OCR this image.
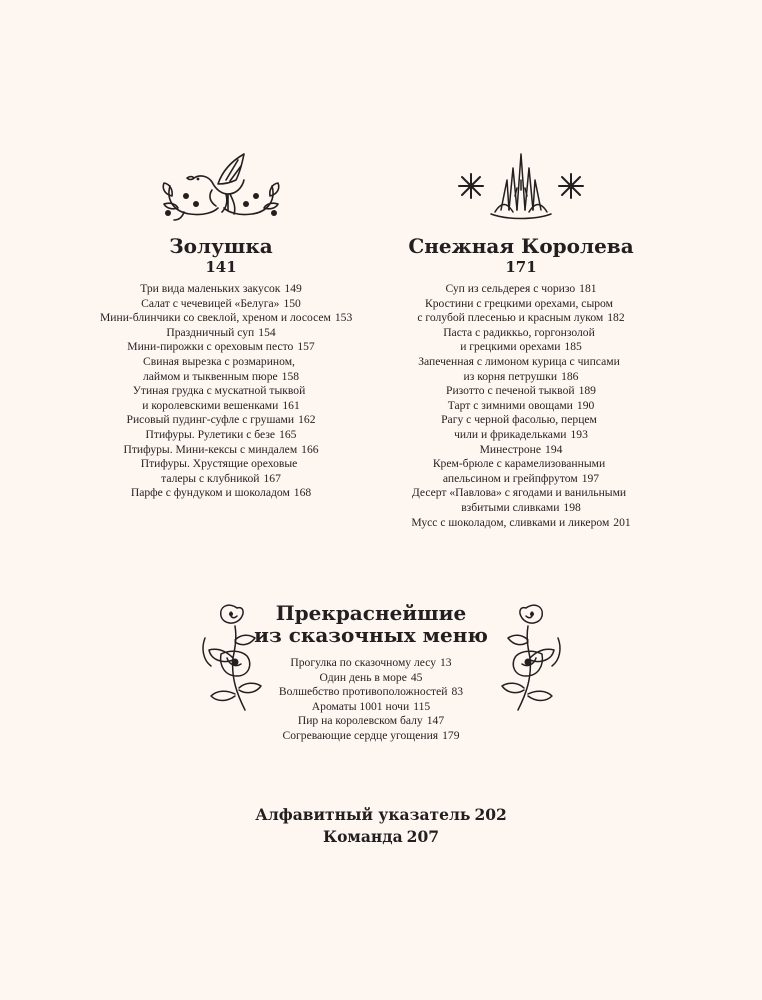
Золушка
141
Три вида маленьких закусок 149
Салат с чечевицей «Белуга» 150
Мини-блинчики со свеклой, хреном и лососем 153
Праздничный суп 154
Мини-пирожки с ореховым песто 157
Свиная вырезка с розмарином,
лаймом и тыквенным пюре 158
Утиная грудка с мускатной тыквой
и королевскими вешенками 161
Рисовый пудинг-суфле с грушами 162
Птифуры. Рулетики с безе 165
Птифуры. Мини-кексы с миндалем 166
Птифуры. Хрустящие ореховые
талеры с клубникой 167
Парфе с фундуком и шоколадом 168
Снежная Королева
171
Суп из сельдерея с чоризо 181
Кростини с грецкими орехами, сыром
с голубой плесенью и красным луком 182
Паста с радиккьо, горгонзолой
и грецкими орехами 185
Запеченная с лимоном курица с чипсами
из корня петрушки 186
Ризотто с печеной тыквой 189
Тарт с зимними овощами 190
Рагу с черной фасолью, перцем
чили и фрикадельками 193
Минестроне 194
Крем-брюле с карамелизованными
апельсином и грейпфрутом 197
Десерт «Павлова» с ягодами и ванильными
взбитыми сливками 198
Мусс с шоколадом, сливками и ликером 201
Прекраснейшие
из сказочных меню
Прогулка по сказочному лесу 13
Один день в море 45
Волшебство противоположностей 83
Ароматы 1001 ночи 115
Пир на королевском балу 147
Согревающие сердце угощения 179
Алфавитный указатель 202
Команда 207
